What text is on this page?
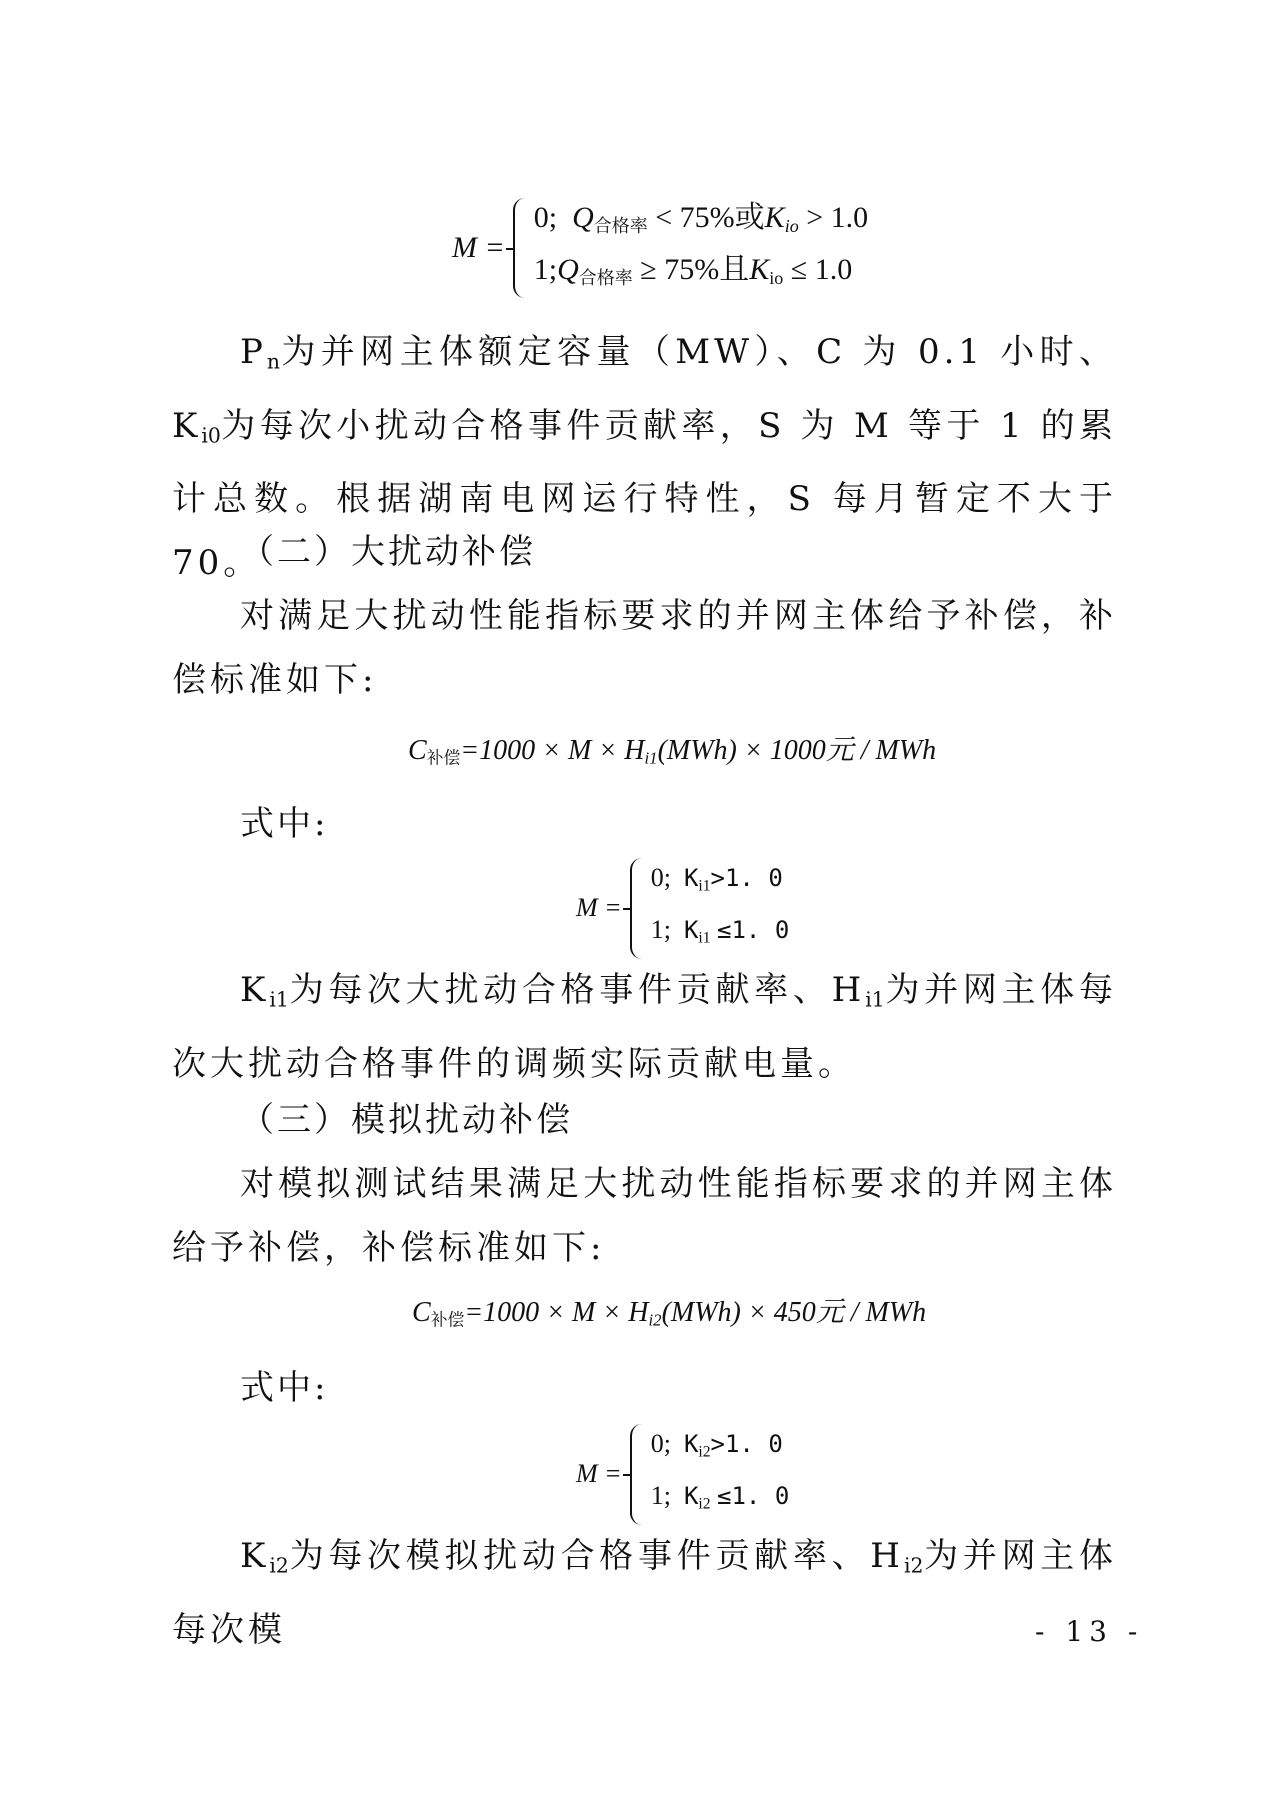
M =
0; $Q_{合格率} < 75\%$或Kio > 1.0
$1;Q_{合格率} \ge 75\%$且$K_{io} \le 1.0$

$P_n$为并网主体额定容量（MW）、C 为 0.1 小时、$K_{i0}$为每次小扰动合格事件贡献率，S 为 M 等于 1 的累计总数。根据湖南电网运行特性，S 每月暂定不大于 70。

（二）大扰动补偿

对满足大扰动性能指标要求的并网主体给予补偿，补偿标准如下:

$C_{补偿}=1000 \times M \times Hi1(MWh) \times 1000$元 / MWh

式中:

M =
0; $K_{i1}>1$. 0
1; $K_{i1} \le 1$. 0

$K_{i1}$为每次大扰动合格事件贡献率、$H_{i1}$为并网主体每次大扰动合格事件的调频实际贡献电量。

（三）模拟扰动补偿

对模拟测试结果满足大扰动性能指标要求的并网主体给予补偿，补偿标准如下:

$C_{补偿}=1000 \times M \times Hi2(MWh) \times 450$元 / MWh

式中:

M =
0; $K_{i2}>1$. 0
1; $K_{i2} \le 1$. 0

$K_{i2}$为每次模拟扰动合格事件贡献率、$H_{i2}$为并网主体每次模	- 13 -
